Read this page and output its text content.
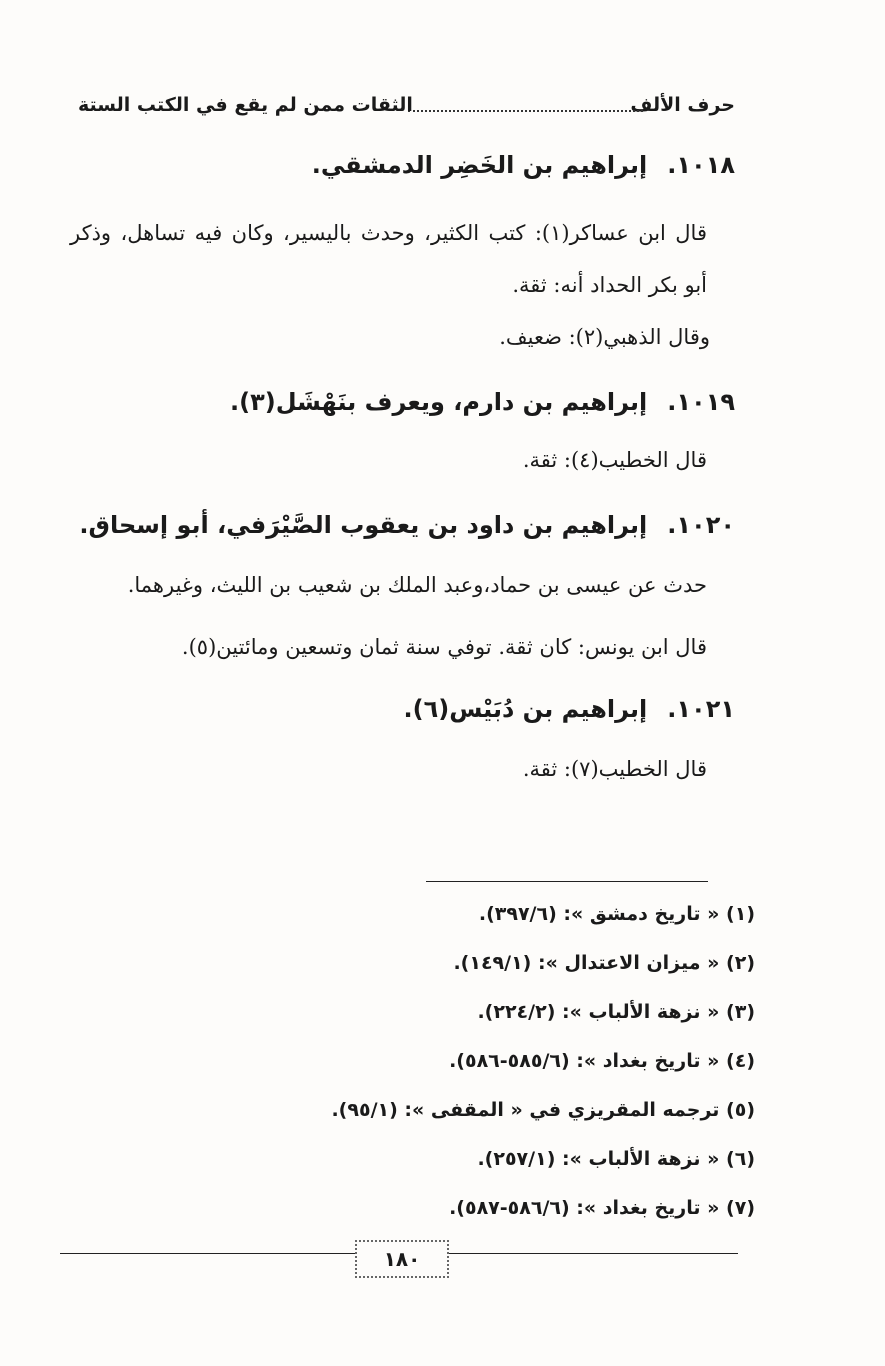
حرف الألف
الثقات ممن لم يقع في الكتب الستة
١٠١٨.إبراهيم بن الخَضِر الدمشقي.
قال ابن عساكر(١): كتب الكثير، وحدث باليسير، وكان فيه تساهل، وذكر أبو بكر الحداد أنه: ثقة.
وقال الذهبي(٢): ضعيف.
١٠١٩.إبراهيم بن دارم، ويعرف بنَهْشَل(٣).
قال الخطيب(٤): ثقة.
١٠٢٠.إبراهيم بن داود بن يعقوب الصَّيْرَفي، أبو إسحاق.
حدث عن عيسى بن حماد،وعبد الملك بن شعيب بن الليث، وغيرهما.
قال ابن يونس: كان ثقة. توفي سنة ثمان وتسعين ومائتين(٥).
١٠٢١.إبراهيم بن دُبَيْس(٦).
قال الخطيب(٧): ثقة.
(١) « تاريخ دمشق »: (٣٩٧/٦).
(٢) « ميزان الاعتدال »: (١٤٩/١).
(٣) « نزهة الألباب »: (٢٢٤/٢).
(٤) « تاريخ بغداد »: (٥٨٥/٦-٥٨٦).
(٥) ترجمه المقريزي في « المقفى »: (٩٥/١).
(٦) « نزهة الألباب »: (٢٥٧/١).
(٧) « تاريخ بغداد »: (٥٨٦/٦-٥٨٧).
١٨٠
